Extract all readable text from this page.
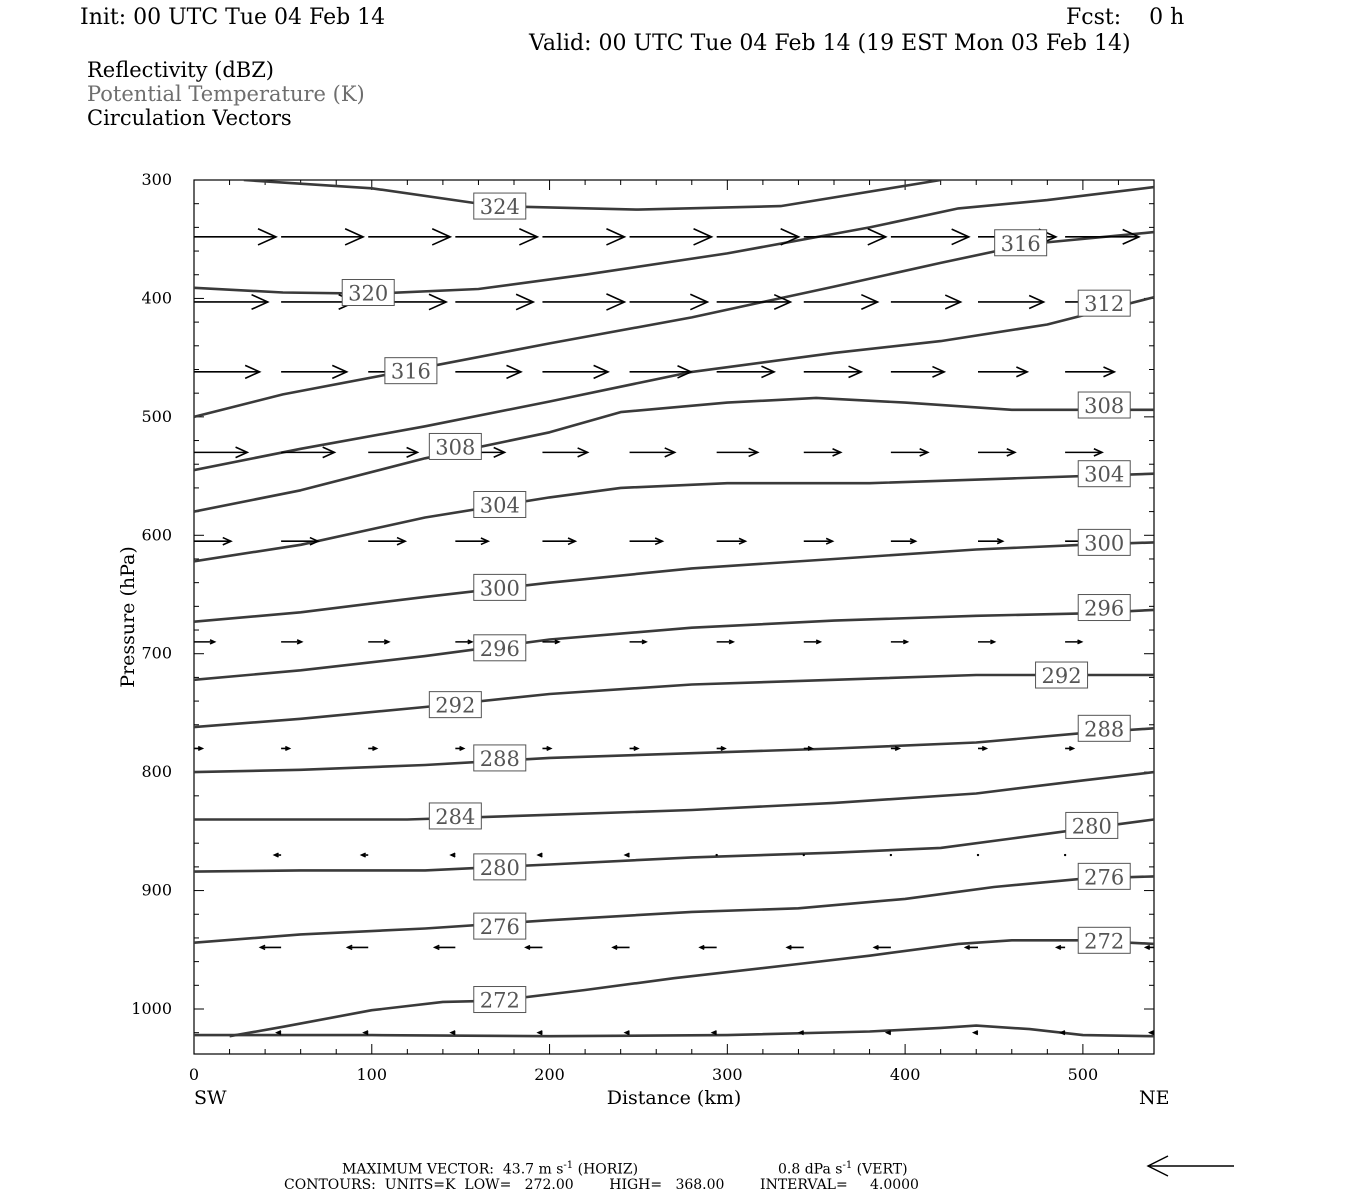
Init: 00 UTC Tue 04 Feb 14	Fcst:    0 h
Valid: 00 UTC Tue 04 Feb 14 (19 EST Mon 03 Feb 14)
Reflectivity (dBZ)
Potential Temperature (K)
Circulation Vectors
300
400
500
600
700
800
900
1000
0	100	200	300	400	500
324
320
316
316
312
308
308
304
304
300
300
296
296
292
292
288
288
284
280
280
276
276
272
272
Pressure (hPa)
Distance (km)
SW	NE
MAXIMUM VECTOR:  43.7 m $s^{-1}$ (HORIZ)	0.8 dPa $s^{-1}$ (VERT)
CONTOURS:  UNITS=K  LOW=   272.00        HIGH=   368.00        INTERVAL=     4.0000
